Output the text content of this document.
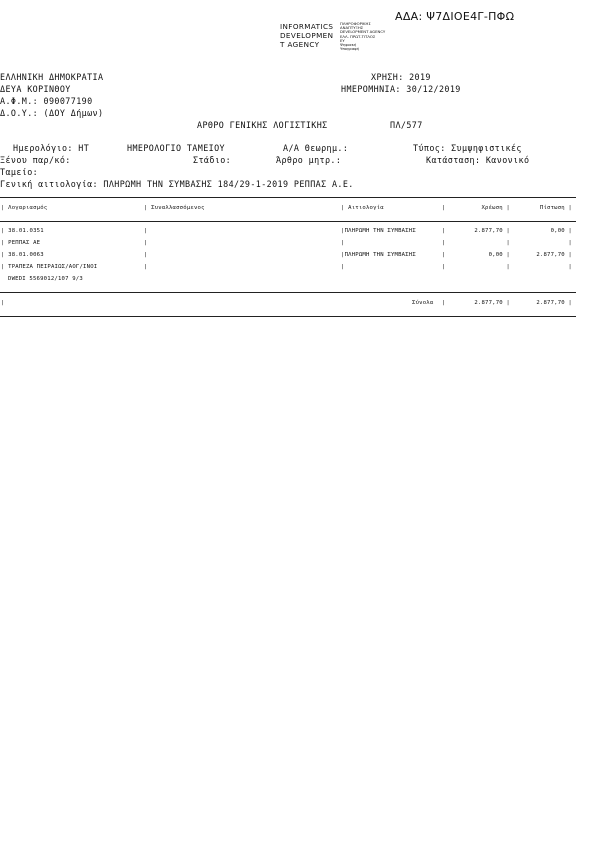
ΑΔΑ: Ψ7ΔΙΟΕ4Γ-ΠΦΩ
INFORMATICS
DEVELOPMEN
T AGENCY
ΠΛΗΡΟΦΟΡΙΚΗΣ
ΑΝΑΠΤΥΞΗΣ
DEVELOPMENT AGENCY
ΕΛΛ. ΠΡΩΤ.ΤΙΤΛΟΣ
ΕΥ
Ψηφιακή
Υπογραφή
ΕΛΛΗΝΙΚΗ ΔΗΜΟΚΡΑΤΙΑ
ΔΕΥΑ ΚΟΡΙΝΘΟΥ
Α.Φ.Μ.: 090077190
Δ.Ο.Υ.: (ΔΟΥ Δήμων)
ΧΡΗΣΗ: 2019
ΗΜΕΡΟΜΗΝΙΑ: 30/12/2019
ΑΡΘΡΟ ΓΕΝΙΚΗΣ ΛΟΓΙΣΤΙΚΗΣ	ΠΛ/577
Ημερολόγιο: ΗΤ	ΗΜΕΡΟΛΟΓΙΟ ΤΑΜΕΙΟΥ	Α/Α Θεωρημ.:	Τύπος: Συμψηφιστικές
Ξένου παρ/κό:	Στάδιο:	Άρθρο μητρ.:	Κατάσταση: Κανονικό
Ταμείο:
Γενική αιτιολογία: ΠΛΗΡΩΜΗ ΤΗΝ ΣΥΜΒΑΣΗΣ 184/29-1-2019 ΡΕΠΠΑΣ Α.Ε.
| Λογαριασμός	| Συναλλασσόμενος	| Αιτιολογία	|	Χρέωση |	Πίστωση |
| 38.01.0351	|	|ΠΛΗΡΩΜΗ ΤΗΝ ΣΥΜΒΑΣΗΣ	|	2.877,70 |	0,00 |
| ΡΕΠΠΑΣ ΑΕ	|	|	|	|	|
| 38.01.0063	|	|ΠΛΗΡΩΜΗ ΤΗΝ ΣΥΜΒΑΣΗΣ	|	0,00 |	2.877,70 |
| ΤΡΑΠΕΖΑ ΠΕΙΡΑΙΩΣ/ΑΟΓ/ΙΝΟΙ	|	|	|	|	|
DWEDI 5569012/107 9/3
|	Σύνολα |	2.877,70 |	2.877,70 |
